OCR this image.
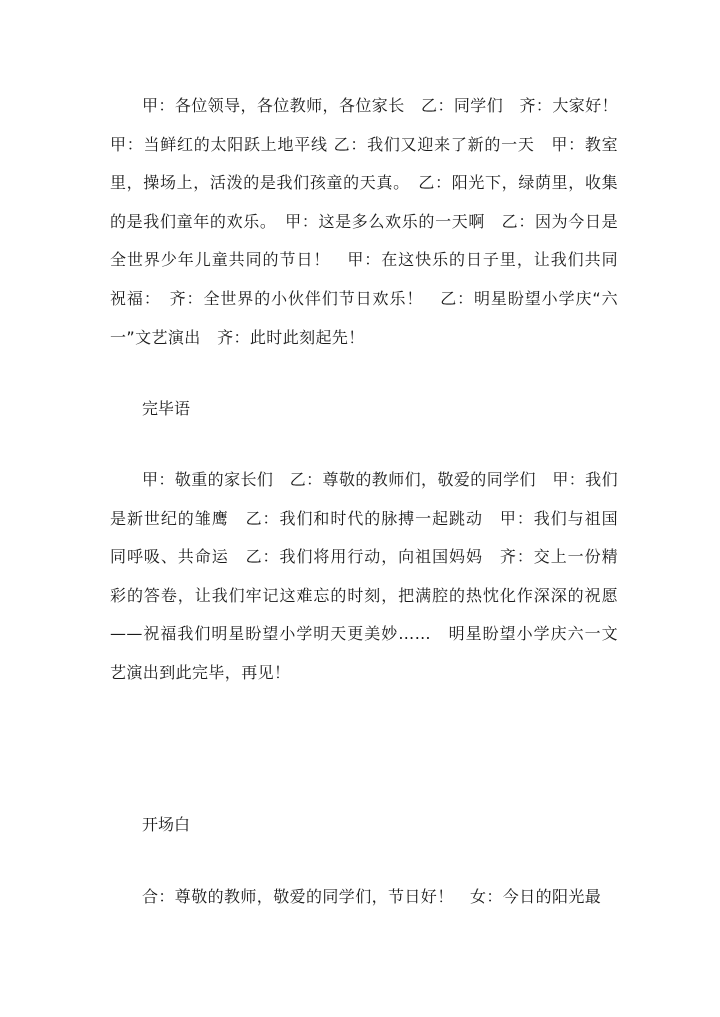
甲：各位领导，各位教师，各位家长　乙：同学们　齐：大家好！甲：当鲜红的太阳跃上地平线 乙：我们又迎来了新的一天　甲：教室里，操场上，活泼的是我们孩童的天真。　乙：阳光下，绿荫里，收集的是我们童年的欢乐。　甲：这是多么欢乐的一天啊　乙：因为今日是全世界少年儿童共同的节日！　甲：在这快乐的日子里，让我们共同祝福：　齐：全世界的小伙伴们节日欢乐！　乙：明星盼望小学庆“六一”文艺演出　齐：此时此刻起先！

完毕语

甲：敬重的家长们　乙：尊敬的教师们，敬爱的同学们　甲：我们是新世纪的雏鹰　乙：我们和时代的脉搏一起跳动　甲：我们与祖国同呼吸、共命运　乙：我们将用行动，向祖国妈妈　齐：交上一份精彩的答卷，让我们牢记这难忘的时刻，把满腔的热忱化作深深的祝愿——祝福我们明星盼望小学明天更美妙……　明星盼望小学庆六一文艺演出到此完毕，再见！

开场白

合：尊敬的教师，敬爱的同学们，节日好！　女：今日的阳光最
